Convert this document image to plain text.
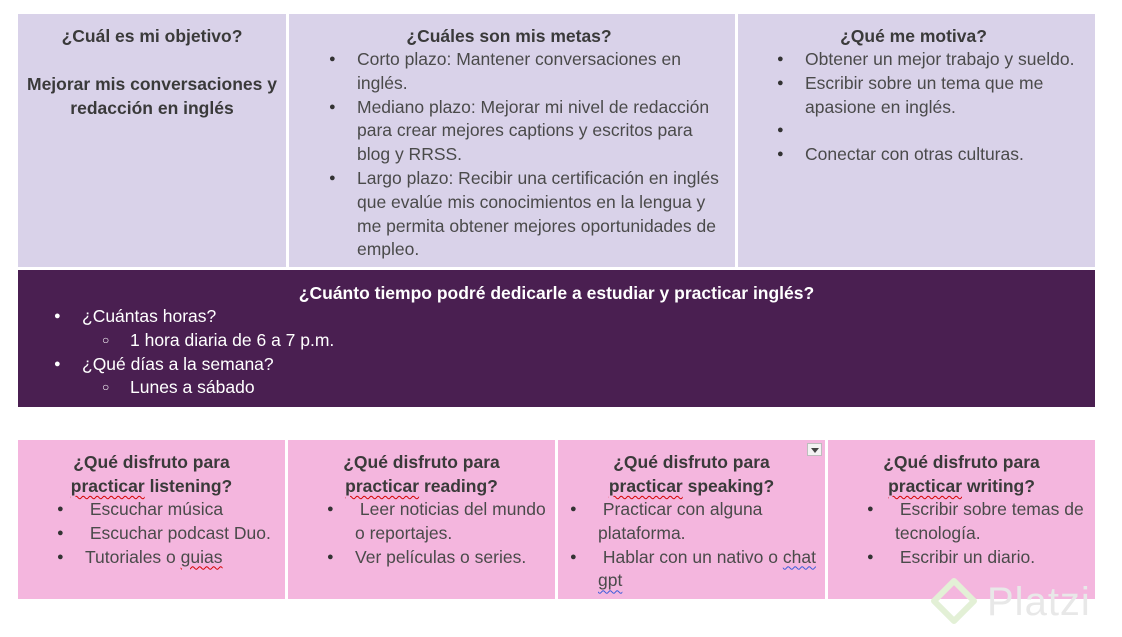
¿Cuál es mi objetivo?
Mejorar mis conversaciones y redacción en inglés
¿Cuáles son mis metas?
● Corto plazo: Mantener conversaciones en inglés.
● Mediano plazo: Mejorar mi nivel de redacción para crear mejores captions y escritos para blog y RRSS.
● Largo plazo: Recibir una certificación en inglés que evalúe mis conocimientos en la lengua y me permita obtener mejores oportunidades de empleo.
¿Qué me motiva?
● Obtener un mejor trabajo y sueldo.
● Escribir sobre un tema que me apasione en inglés.
●
● Conectar con otras culturas.
¿Cuánto tiempo podré dedicarle a estudiar y practicar inglés?
● ¿Cuántas horas?
○ 1 hora diaria de 6 a 7 p.m.
● ¿Qué días a la semana?
○ Lunes a sábado
¿Qué disfruto para
practicar listening?
● Escuchar música
● Escuchar podcast Duo.
● Tutoriales o guias
¿Qué disfruto para
practicar reading?
● Leer noticias del mundo o reportajes.
● Ver películas o series.
¿Qué disfruto para
practicar speaking?
● Practicar con alguna plataforma.
● Hablar con un nativo o chat gpt
¿Qué disfruto para
practicar writing?
● Escribir sobre temas de tecnología.
● Escribir un diario.
Platzi
